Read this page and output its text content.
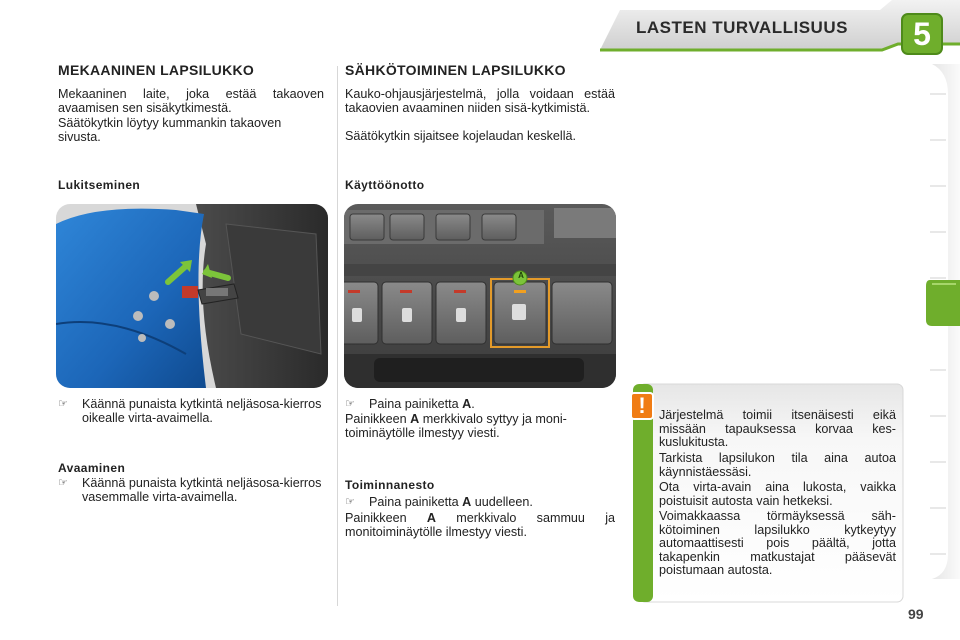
LASTEN TURVALLISUUS 5
MEKAANINEN LAPSILUKKO
Mekaaninen laite, joka estää takaoven avaamisen sen sisäkytkimestä.
Säätökytkin löytyy kummankin takaoven sivusta.
Lukitseminen
☞	Käännä punaista kytkintä neljäsosa-kierros oikealle virta-avaimella.
Avaaminen
☞	Käännä punaista kytkintä neljäsosa-kierros vasemmalle virta-avaimella.
SÄHKÖTOIMINEN LAPSILUKKO
Kauko-ohjausjärjestelmä, jolla voidaan estää takaovien avaaminen niiden sisä-kytkimistä.
Säätökytkin sijaitsee kojelaudan keskellä.
Käyttöönotto
A
☞	Paina painiketta A.
Painikkeen A merkkivalo syttyy ja moni-toiminäytölle ilmestyy viesti.
Toiminnanesto
☞	Paina painiketta A uudelleen.
Painikkeen A merkkivalo sammuu ja monitoiminäytölle ilmestyy viesti.
!	Järjestelmä toimii itsenäisesti eikä missään tapauksessa korvaa kes-kuslukitusta.
Tarkista lapsilukon tila aina autoa käynnistäessäsi.
Ota virta-avain aina lukosta, vaikka poistuisit autosta vain hetkeksi.
Voimakkaassa törmäyksessä säh-kötoiminen lapsilukko kytkeytyy automaattisesti pois päältä, jotta takapenkin matkustajat pääsevät poistumaan autosta.
99
